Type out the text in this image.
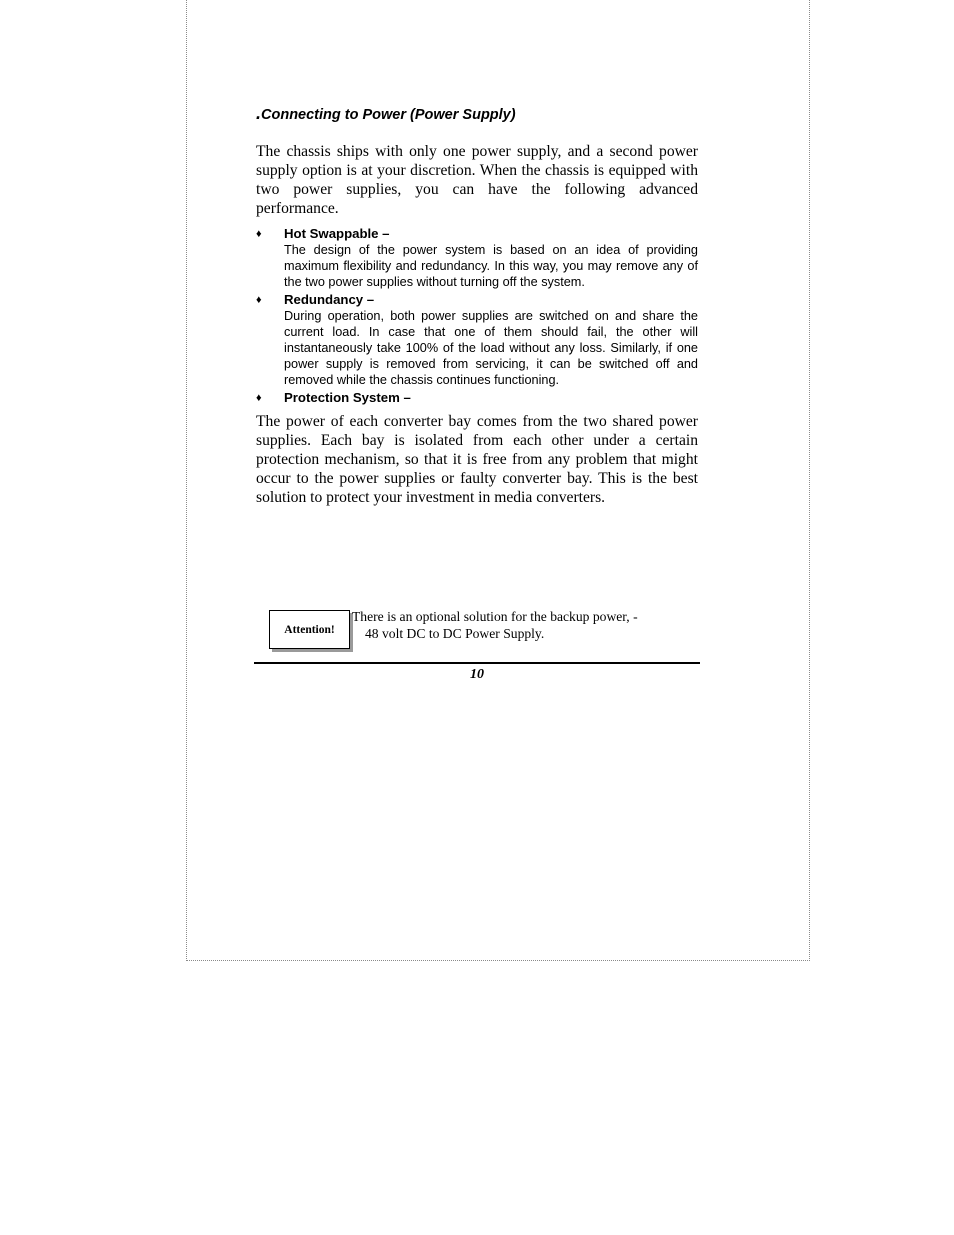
.Connecting to Power (Power Supply)

The chassis ships with only one power supply, and a second power supply option is at your discretion. When the chassis is equipped with two power supplies, you can have the following advanced performance.

♦ Hot Swappable –
The design of the power system is based on an idea of providing maximum flexibility and redundancy. In this way, you may remove any of the two power supplies without turning off the system.
♦ Redundancy –
During operation, both power supplies are switched on and share the current load. In case that one of them should fail, the other will instantaneously take 100% of the load without any loss. Similarly, if one power supply is removed from servicing, it can be switched off and removed while the chassis continues functioning.
♦ Protection System –

The power of each converter bay comes from the two shared power supplies. Each bay is isolated from each other under a certain protection mechanism, so that it is free from any problem that might occur to the power supplies or faulty converter bay. This is the best solution to protect your investment in media converters.

Attention!

There is an optional solution for the backup power, -
48 volt DC to DC Power Supply.

10
